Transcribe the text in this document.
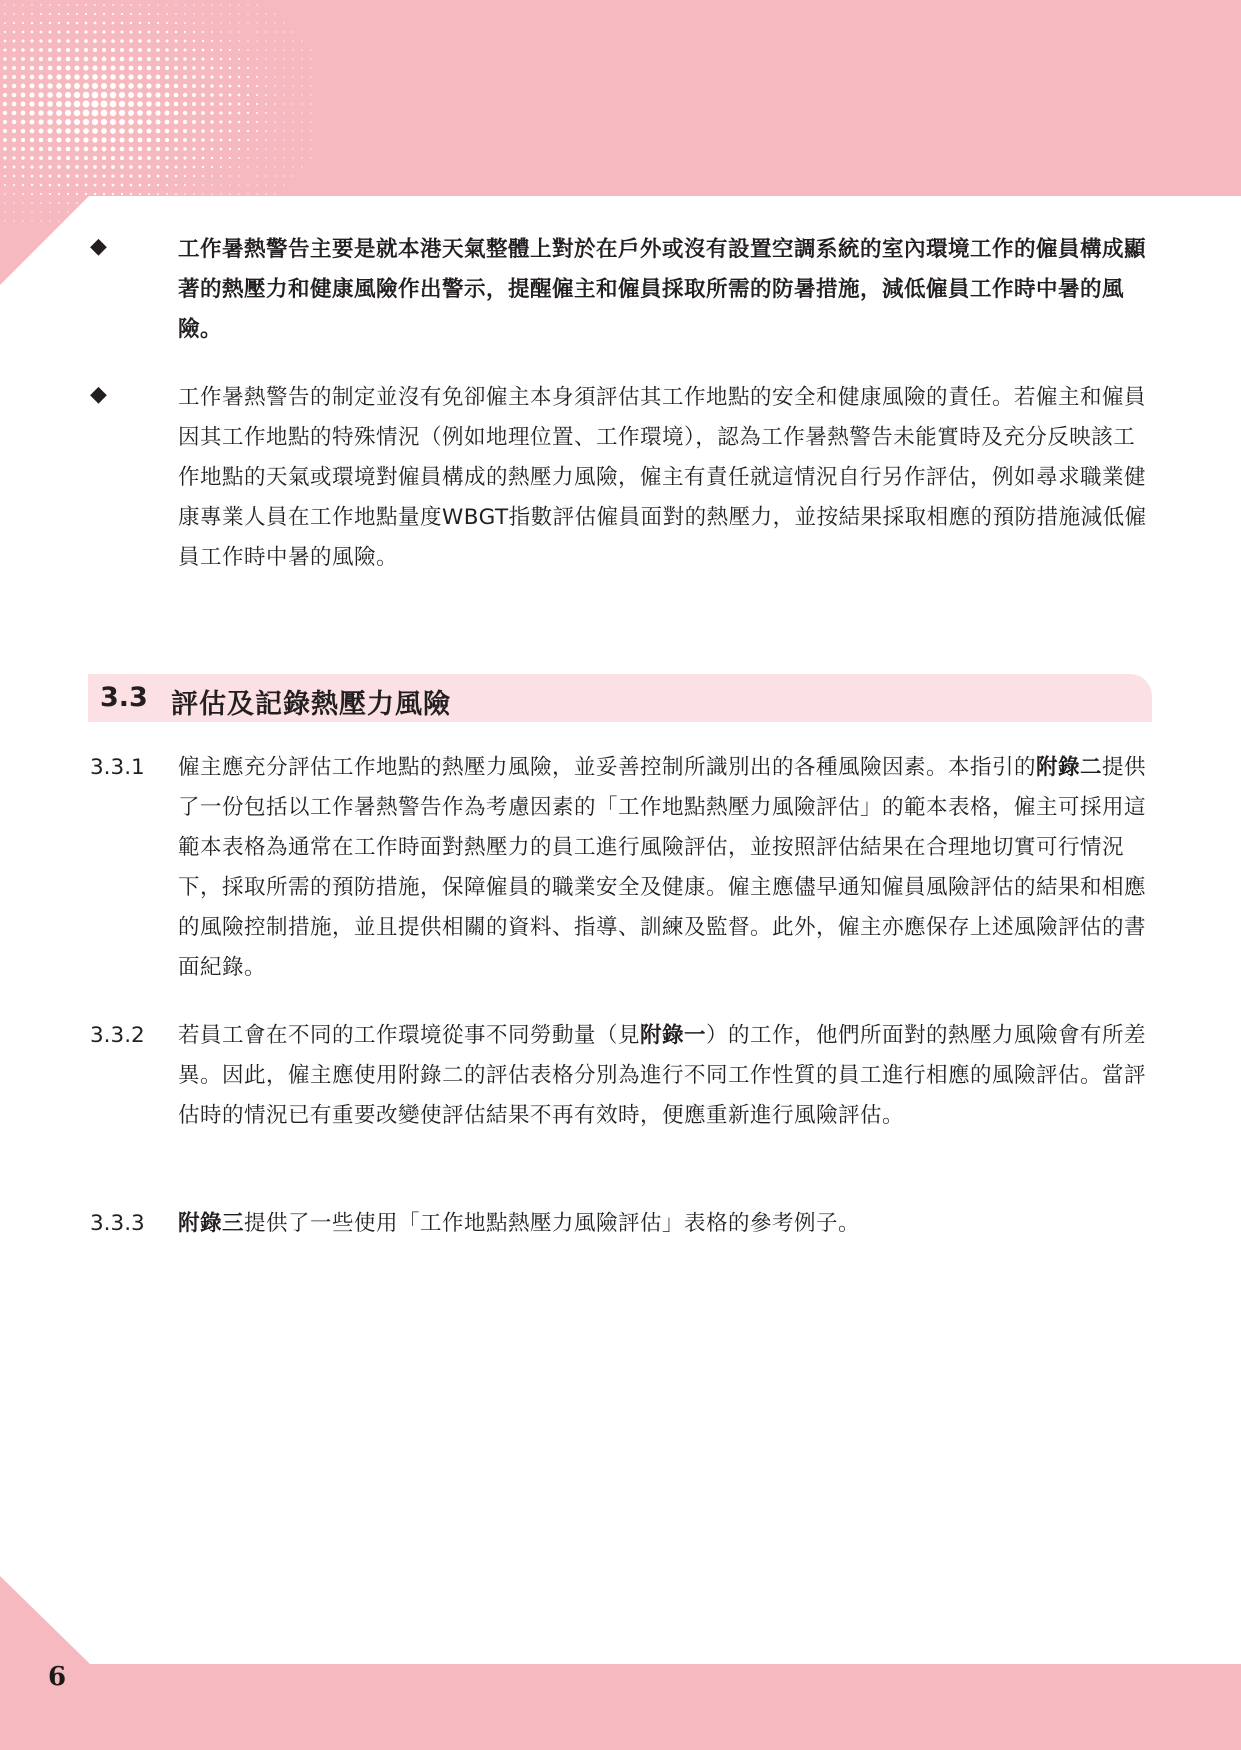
◆	工作暑熱警告主要是就本港天氣整體上對於在戶外或沒有設置空調系統的室內環境工作的僱員構成顯著的熱壓力和健康風險作出警示，提醒僱主和僱員採取所需的防暑措施，減低僱員工作時中暑的風險。
◆	工作暑熱警告的制定並沒有免卻僱主本身須評估其工作地點的安全和健康風險的責任。若僱主和僱員因其工作地點的特殊情況（例如地理位置、工作環境），認為工作暑熱警告未能實時及充分反映該工作地點的天氣或環境對僱員構成的熱壓力風險，僱主有責任就這情況自行另作評估，例如尋求職業健康專業人員在工作地點量度WBGT指數評估僱員面對的熱壓力，並按結果採取相應的預防措施減低僱員工作時中暑的風險。
3.3 評估及記錄熱壓力風險
3.3.1 僱主應充分評估工作地點的熱壓力風險，並妥善控制所識別出的各種風險因素。本指引的附錄二提供了一份包括以工作暑熱警告作為考慮因素的「工作地點熱壓力風險評估」的範本表格，僱主可採用這範本表格為通常在工作時面對熱壓力的員工進行風險評估，並按照評估結果在合理地切實可行情況下，採取所需的預防措施，保障僱員的職業安全及健康。僱主應儘早通知僱員風險評估的結果和相應的風險控制措施，並且提供相關的資料、指導、訓練及監督。此外，僱主亦應保存上述風險評估的書面紀錄。
3.3.2 若員工會在不同的工作環境從事不同勞動量（見附錄一）的工作，他們所面對的熱壓力風險會有所差異。因此，僱主應使用附錄二的評估表格分別為進行不同工作性質的員工進行相應的風險評估。當評估時的情況已有重要改變使評估結果不再有效時，便應重新進行風險評估。
3.3.3 附錄三提供了一些使用「工作地點熱壓力風險評估」表格的參考例子。
6
